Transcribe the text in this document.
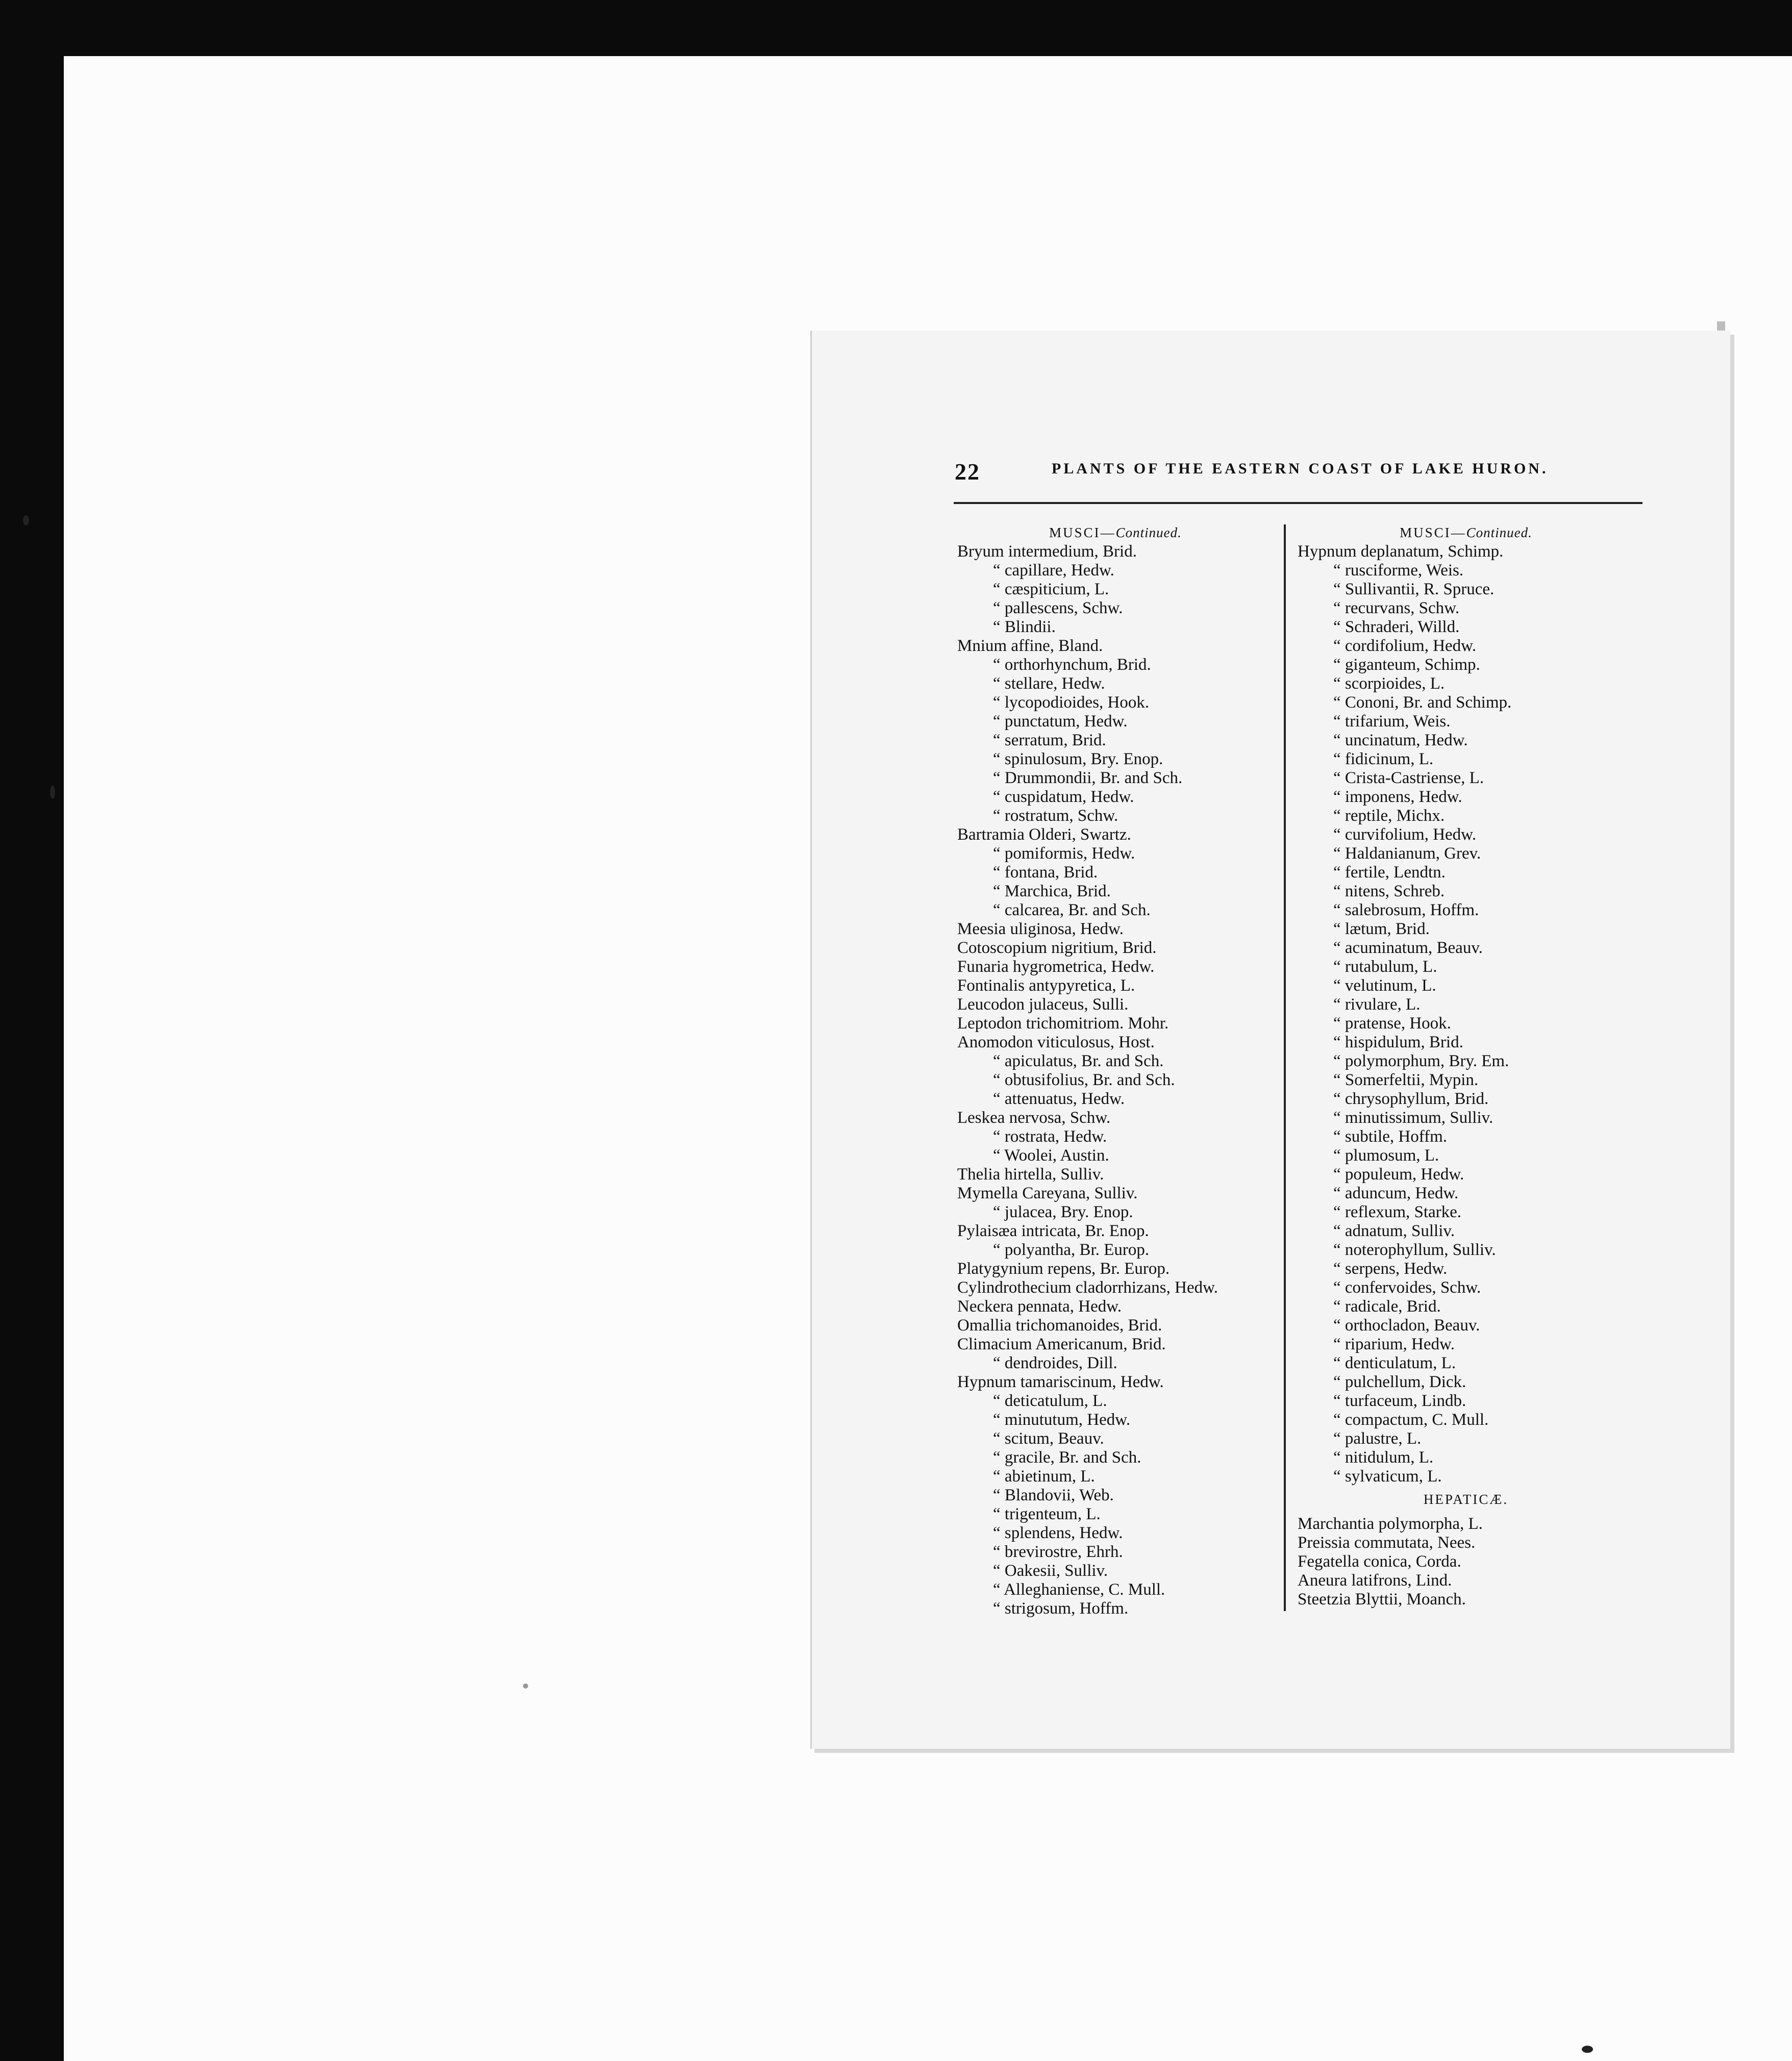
22	PLANTS OF THE EASTERN COAST OF LAKE HURON.
MUSCI—Continued.
Bryum intermedium, Brid.
“ capillare, Hedw.
“ cæspiticium, L.
“ pallescens, Schw.
“ Blindii.
Mnium affine, Bland.
“ orthorhynchum, Brid.
“ stellare, Hedw.
“ lycopodioides, Hook.
“ punctatum, Hedw.
“ serratum, Brid.
“ spinulosum, Bry. Enop.
“ Drummondii, Br. and Sch.
“ cuspidatum, Hedw.
“ rostratum, Schw.
Bartramia Olderi, Swartz.
“ pomiformis, Hedw.
“ fontana, Brid.
“ Marchica, Brid.
“ calcarea, Br. and Sch.
Meesia uliginosa, Hedw.
Cotoscopium nigritium, Brid.
Funaria hygrometrica, Hedw.
Fontinalis antypyretica, L.
Leucodon julaceus, Sulli.
Leptodon trichomitriom. Mohr.
Anomodon viticulosus, Host.
“ apiculatus, Br. and Sch.
“ obtusifolius, Br. and Sch.
“ attenuatus, Hedw.
Leskea nervosa, Schw.
“ rostrata, Hedw.
“ Woolei, Austin.
Thelia hirtella, Sulliv.
Mymella Careyana, Sulliv.
“ julacea, Bry. Enop.
Pylaisæa intricata, Br. Enop.
“ polyantha, Br. Europ.
Platygynium repens, Br. Europ.
Cylindrothecium cladorrhizans, Hedw.
Neckera pennata, Hedw.
Omallia trichomanoides, Brid.
Climacium Americanum, Brid.
“ dendroides, Dill.
Hypnum tamariscinum, Hedw.
“ deticatulum, L.
“ minututum, Hedw.
“ scitum, Beauv.
“ gracile, Br. and Sch.
“ abietinum, L.
“ Blandovii, Web.
“ trigenteum, L.
“ splendens, Hedw.
“ brevirostre, Ehrh.
“ Oakesii, Sulliv.
“ Alleghaniense, C. Mull.
“ strigosum, Hoffm.
MUSCI—Continued.
Hypnum deplanatum, Schimp.
“ rusciforme, Weis.
“ Sullivantii, R. Spruce.
“ recurvans, Schw.
“ Schraderi, Willd.
“ cordifolium, Hedw.
“ giganteum, Schimp.
“ scorpioides, L.
“ Cononi, Br. and Schimp.
“ trifarium, Weis.
“ uncinatum, Hedw.
“ fidicinum, L.
“ Crista-Castriense, L.
“ imponens, Hedw.
“ reptile, Michx.
“ curvifolium, Hedw.
“ Haldanianum, Grev.
“ fertile, Lendtn.
“ nitens, Schreb.
“ salebrosum, Hoffm.
“ lætum, Brid.
“ acuminatum, Beauv.
“ rutabulum, L.
“ velutinum, L.
“ rivulare, L.
“ pratense, Hook.
“ hispidulum, Brid.
“ polymorphum, Bry. Em.
“ Somerfeltii, Mypin.
“ chrysophyllum, Brid.
“ minutissimum, Sulliv.
“ subtile, Hoffm.
“ plumosum, L.
“ populeum, Hedw.
“ aduncum, Hedw.
“ reflexum, Starke.
“ adnatum, Sulliv.
“ noterophyllum, Sulliv.
“ serpens, Hedw.
“ confervoides, Schw.
“ radicale, Brid.
“ orthocladon, Beauv.
“ riparium, Hedw.
“ denticulatum, L.
“ pulchellum, Dick.
“ turfaceum, Lindb.
“ compactum, C. Mull.
“ palustre, L.
“ nitidulum, L.
“ sylvaticum, L.
HEPATICÆ.
Marchantia polymorpha, L.
Preissia commutata, Nees.
Fegatella conica, Corda.
Aneura latifrons, Lind.
Steetzia Blyttii, Moanch.
